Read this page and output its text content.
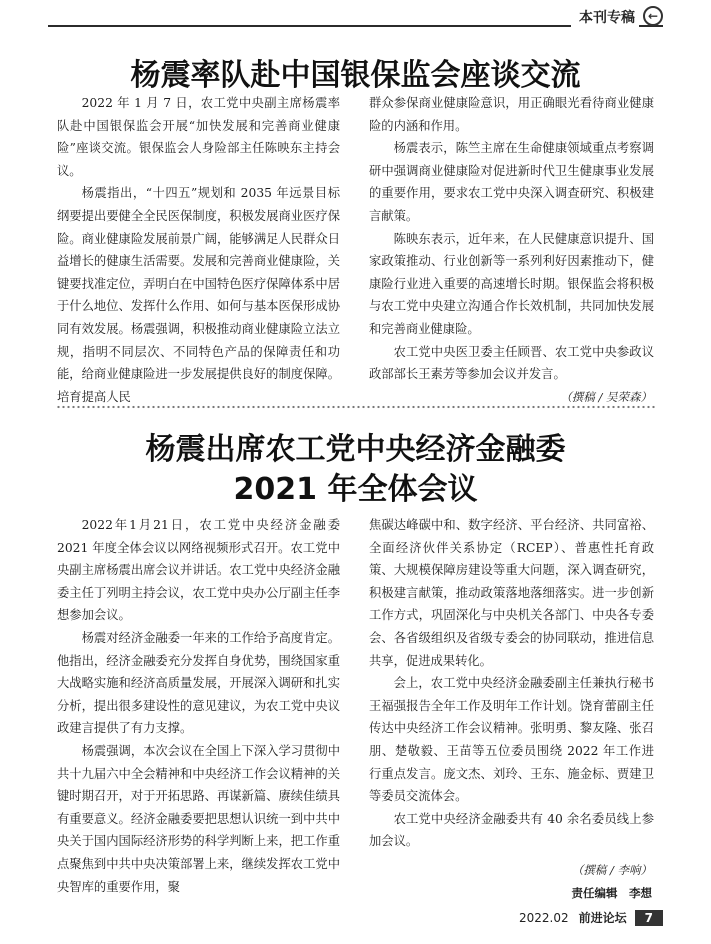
本刊专稿	←
杨震率队赴中国银保监会座谈交流

2022 年 1 月 7 日，农工党中央副主席杨震率队赴中国银保监会开展“加快发展和完善商业健康险”座谈交流。银保监会人身险部主任陈映东主持会议。

杨震指出，“十四五”规划和 2035 年远景目标纲要提出要健全全民医保制度，积极发展商业医疗保险。商业健康险发展前景广阔，能够满足人民群众日益增长的健康生活需要。发展和完善商业健康险，关键要找准定位，弄明白在中国特色医疗保障体系中居于什么地位、发挥什么作用、如何与基本医保形成协同有效发展。杨震强调，积极推动商业健康险立法立规，指明不同层次、不同特色产品的保障责任和功能，给商业健康险进一步发展提供良好的制度保障。培育提高人民

群众参保商业健康险意识，用正确眼光看待商业健康险的内涵和作用。

杨震表示，陈竺主席在生命健康领域重点考察调研中强调商业健康险对促进新时代卫生健康事业发展的重要作用，要求农工党中央深入调查研究、积极建言献策。

陈映东表示，近年来，在人民健康意识提升、国家政策推动、行业创新等一系列利好因素推动下，健康险行业进入重要的高速增长时期。银保监会将积极与农工党中央建立沟通合作长效机制，共同加快发展和完善商业健康险。

农工党中央医卫委主任顾晋、农工党中央参政议政部部长王素芳等参加会议并发言。

（撰稿 / 吴荣森）
杨震出席农工党中央经济金融委
2021 年全体会议

2022年1月21日，农工党中央经济金融委 2021 年度全体会议以网络视频形式召开。农工党中央副主席杨震出席会议并讲话。农工党中央经济金融委主任丁列明主持会议，农工党中央办公厅副主任李想参加会议。

杨震对经济金融委一年来的工作给予高度肯定。他指出，经济金融委充分发挥自身优势，围绕国家重大战略实施和经济高质量发展，开展深入调研和扎实分析，提出很多建设性的意见建议，为农工党中央议政建言提供了有力支撑。

杨震强调，本次会议在全国上下深入学习贯彻中共十九届六中全会精神和中央经济工作会议精神的关键时期召开，对于开拓思路、再谋新篇、赓续佳绩具有重要意义。经济金融委要把思想认识统一到中共中央关于国内国际经济形势的科学判断上来，把工作重点聚焦到中共中央决策部署上来，继续发挥农工党中央智库的重要作用，聚

焦碳达峰碳中和、数字经济、平台经济、共同富裕、全面经济伙伴关系协定（RCEP）、普惠性托育政策、大规模保障房建设等重大问题，深入调查研究，积极建言献策，推动政策落地落细落实。进一步创新工作方式，巩固深化与中央机关各部门、中央各专委会、各省级组织及省级专委会的协同联动，推进信息共享，促进成果转化。

会上，农工党中央经济金融委副主任兼执行秘书王福强报告全年工作及明年工作计划。饶育蕾副主任传达中央经济工作会议精神。张明勇、黎友隆、张召朋、楚敬毅、王苗等五位委员围绕 2022 年工作进行重点发言。庞文杰、刘玲、王东、施金标、贾建卫等委员交流体会。

农工党中央经济金融委共有 40 余名委员线上参加会议。

（撰稿 / 李响）
责任编辑　李想
2022.02 前进论坛	7
